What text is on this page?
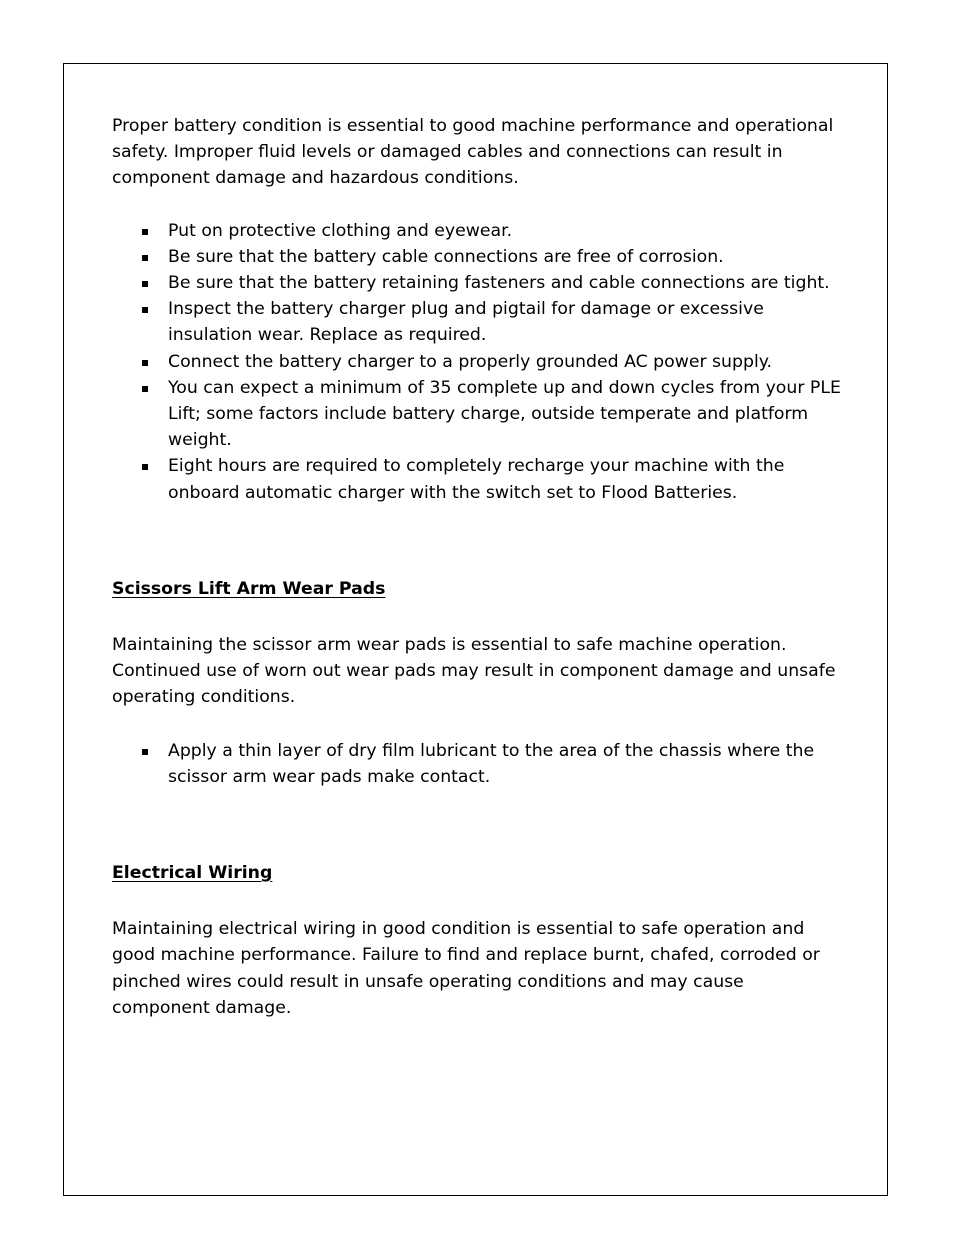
Proper battery condition is essential to good machine performance and operational safety. Improper fluid levels or damaged cables and connections can result in component damage and hazardous conditions.

Put on protective clothing and eyewear.
Be sure that the battery cable connections are free of corrosion.
Be sure that the battery retaining fasteners and cable connections are tight.
Inspect the battery charger plug and pigtail for damage or excessive insulation wear. Replace as required.
Connect the battery charger to a properly grounded AC power supply.
You can expect a minimum of 35 complete up and down cycles from your PLE Lift; some factors include battery charge, outside temperate and platform weight.
Eight hours are required to completely recharge your machine with the onboard automatic charger with the switch set to Flood Batteries.

Scissors Lift Arm Wear Pads

Maintaining the scissor arm wear pads is essential to safe machine operation. Continued use of worn out wear pads may result in component damage and unsafe operating conditions.

Apply a thin layer of dry film lubricant to the area of the chassis where the scissor arm wear pads make contact.

Electrical Wiring

Maintaining electrical wiring in good condition is essential to safe operation and good machine performance. Failure to find and replace burnt, chafed, corroded or pinched wires could result in unsafe operating conditions and may cause component damage.
